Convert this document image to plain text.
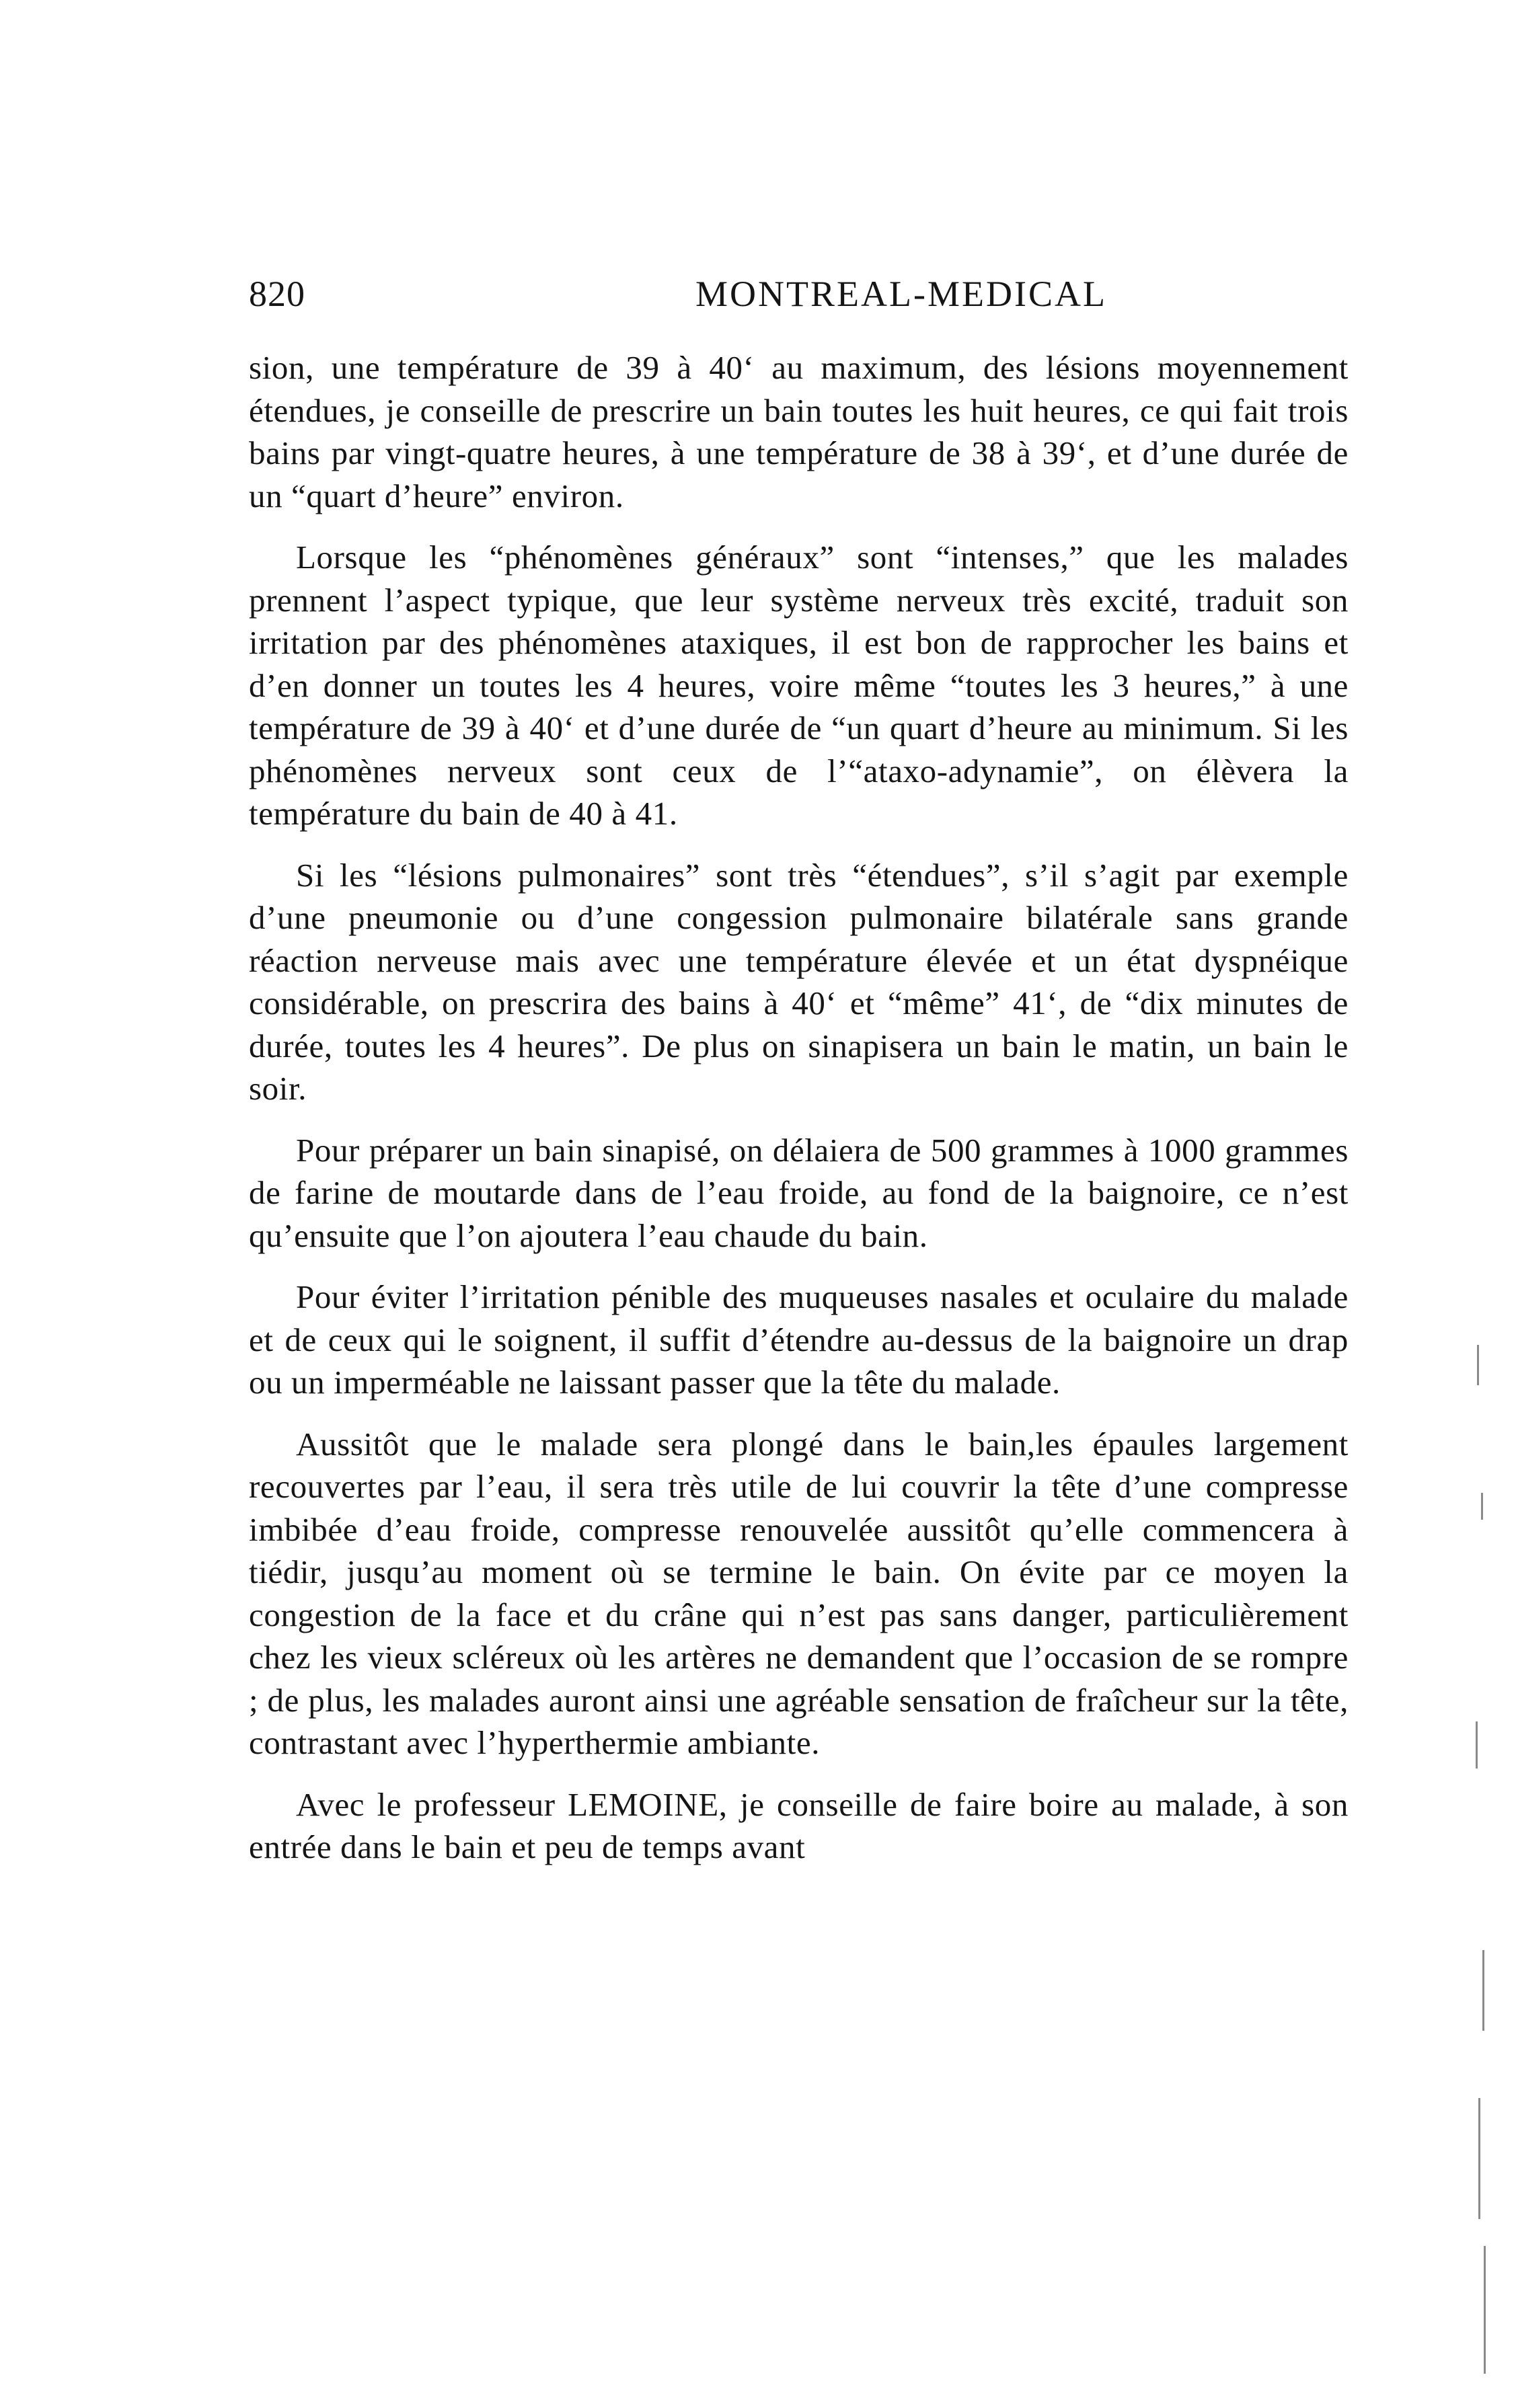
820	MONTREAL-MEDICAL

sion, une température de 39 à 40‘ au maximum, des lésions moyennement étendues, je conseille de prescrire un bain toutes les huit heures, ce qui fait trois bains par vingt-quatre heures, à une température de 38 à 39‘, et d’une durée de un “quart d’heure” environ.

Lorsque les “phénomènes généraux” sont “intenses,” que les malades prennent l’aspect typique, que leur système nerveux très excité, traduit son irritation par des phénomènes ataxiques, il est bon de rapprocher les bains et d’en donner un toutes les 4 heures, voire même “toutes les 3 heures,” à une température de 39 à 40‘ et d’une durée de “un quart d’heure au minimum. Si les phénomènes nerveux sont ceux de l’“ataxo-adynamie”, on élèvera la température du bain de 40 à 41.

Si les “lésions pulmonaires” sont très “étendues”, s’il s’agit par exemple d’une pneumonie ou d’une congession pulmonaire bilatérale sans grande réaction nerveuse mais avec une température élevée et un état dyspnéique considérable, on prescrira des bains à 40‘ et “même” 41‘, de “dix minutes de durée, toutes les 4 heures”. De plus on sinapisera un bain le matin, un bain le soir.

Pour préparer un bain sinapisé, on délaiera de 500 grammes à 1000 grammes de farine de moutarde dans de l’eau froide, au fond de la baignoire, ce n’est qu’ensuite que l’on ajoutera l’eau chaude du bain.

Pour éviter l’irritation pénible des muqueuses nasales et oculaire du malade et de ceux qui le soignent, il suffit d’étendre au-dessus de la baignoire un drap ou un imperméable ne laissant passer que la tête du malade.

Aussitôt que le malade sera plongé dans le bain,les épaules largement recouvertes par l’eau, il sera très utile de lui couvrir la tête d’une compresse imbibée d’eau froide, compresse renouvelée aussitôt qu’elle commencera à tiédir, jusqu’au moment où se termine le bain. On évite par ce moyen la congestion de la face et du crâne qui n’est pas sans danger, particulièrement chez les vieux scléreux où les artères ne demandent que l’occasion de se rompre ; de plus, les malades auront ainsi une agréable sensation de fraîcheur sur la tête, contrastant avec l’hyperthermie ambiante.

Avec le professeur LEMOINE, je conseille de faire boire au malade, à son entrée dans le bain et peu de temps avant
